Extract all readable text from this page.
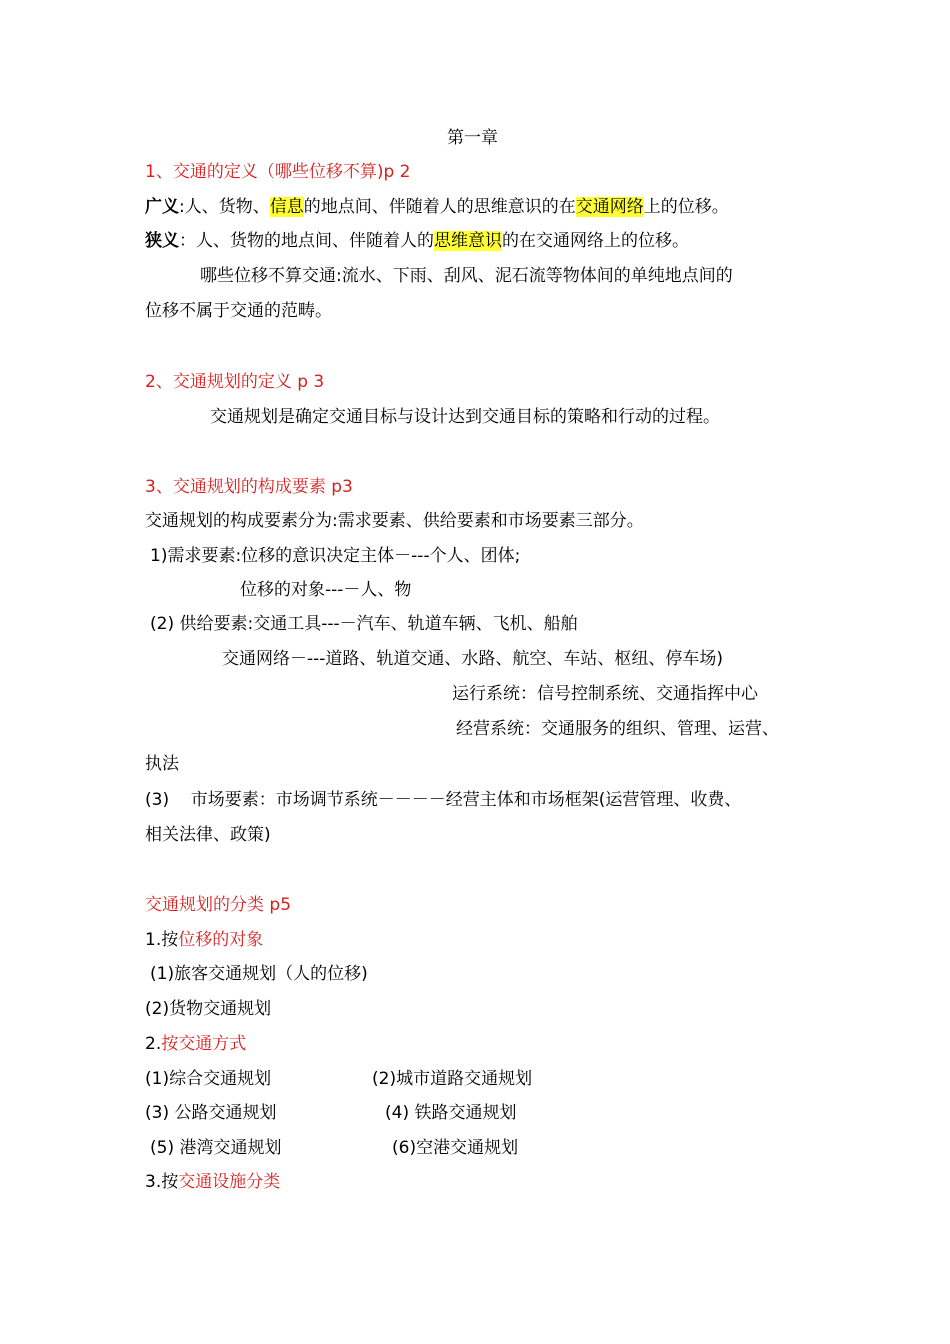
第一章
1、交通的定义（哪些位移不算)p 2
广义:人、货物、信息的地点间、伴随着人的思维意识的在交通网络上的位移。
狭义：人、货物的地点间、伴随着人的思维意识的在交通网络上的位移。
哪些位移不算交通:流水、下雨、刮风、泥石流等物体间的单纯地点间的
位移不属于交通的范畴。
2、交通规划的定义 p 3
交通规划是确定交通目标与设计达到交通目标的策略和行动的过程。
3、交通规划的构成要素 p3
交通规划的构成要素分为:需求要素、供给要素和市场要素三部分。
1)需求要素:位移的意识决定主体－---个人、团体;
位移的对象---－人、物
(2) 供给要素:交通工具---－汽车、轨道车辆、飞机、船舶
交通网络－---道路、轨道交通、水路、航空、车站、枢纽、停车场)
运行系统：信号控制系统、交通指挥中心
经营系统：交通服务的组织、管理、运营、
执法
(3)    市场要素：市场调节系统－－－－经营主体和市场框架(运营管理、收费、
相关法律、政策)
交通规划的分类 p5
1.按位移的对象
(1)旅客交通规划（人的位移)
(2)货物交通规划
2.按交通方式
(1)综合交通规划	(2)城市道路交通规划
(3) 公路交通规划	(4) 铁路交通规划
(5) 港湾交通规划	(6)空港交通规划
3.按交通设施分类
